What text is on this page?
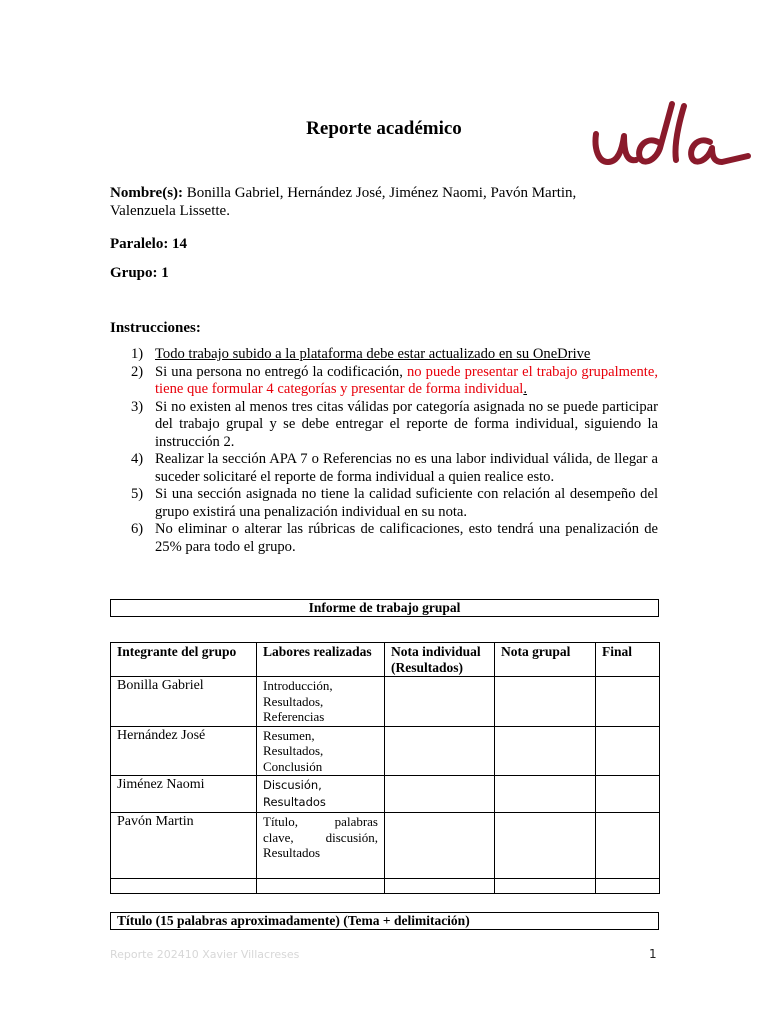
Reporte académico
Nombre(s): Bonilla Gabriel, Hernández José, Jiménez Naomi, Pavón Martin, Valenzuela Lissette.
Paralelo: 14
Grupo: 1
Instrucciones:
1) Todo trabajo subido a la plataforma debe estar actualizado en su OneDrive
2) Si una persona no entregó la codificación, no puede presentar el trabajo grupalmente, tiene que formular 4 categorías y presentar de forma individual.
3) Si no existen al menos tres citas válidas por categoría asignada no se puede participar del trabajo grupal y se debe entregar el reporte de forma individual, siguiendo la instrucción 2.
4) Realizar la sección APA 7 o Referencias no es una labor individual válida, de llegar a suceder solicitaré el reporte de forma individual a quien realice esto.
5) Si una sección asignada no tiene la calidad suficiente con relación al desempeño del grupo existirá una penalización individual en su nota.
6) No eliminar o alterar las rúbricas de calificaciones, esto tendrá una penalización de 25% para todo el grupo.
Informe de trabajo grupal
Integrante del grupo	Labores realizadas	Nota individual (Resultados)	Nota grupal	Final
Bonilla Gabriel	Introducción, Resultados, Referencias			
Hernández José	Resumen, Resultados, Conclusión			
Jiménez Naomi	Discusión, Resultados			
Pavón Martin	Título, palabras clave, discusión, Resultados			

Título (15 palabras aproximadamente) (Tema + delimitación)
Reporte 202410 Xavier Villacreses	1
